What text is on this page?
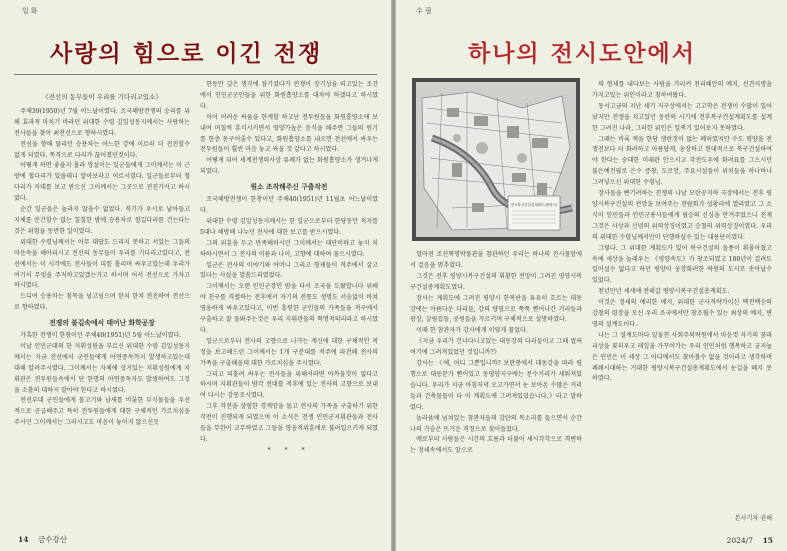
일화
사랑의 힘으로 이긴 전쟁

《전선의 동무들이 우리를 기다리고있소》

주체39(1950)년 7월 어느날이였다. 조국해방전쟁의 승리를 위해 효과적 마치기 바라던 위대한 수령 김일성동지께서는 사랑하는 전사들을 찾아 최전선으로 향하시였다.

전선을 향해 달리던 승용차는 어느한 강에 이르러 더 전진할수 없게 되였다. 폭격으로 다리가 끊어졌던것이다.

어떻게 하면 좋을지 몰라 망설이는 일군들에게 그이께서는 이 근방에 철다리가 있을테니 알아보라고 이르시였다. 일군들로부터 철다리가 지대를 보고 받으신 그이께서는 그곳으로 전진가자고 하시였다.

순간 일군들은 놀라지 않을수 없었다. 적기가 우시로 날아들고 지체를 분간할수 없는 칠칠한 밤에 승용차로 철길다리를 건는다는것은 위험을 동반한 일이였다.

위대한 수령님께서는 아무 대답도 드리지 못하고 서있는 그들의 마음속을 헤아리시고 전선의 동무들이 우리를 기다리고있다고, 전선에서는 이 시각에도 전사들이 피를 흘리며 싸우고있는데 우리가 여기서 무엇을 주저하고있겠는가고 하시며 어서 전선으로 가자고 하시였다.

드디여 승용차는 침목을 넘고넘으며 한치 한치 전진하여 전선으로 향하였다.

전쟁의 불길속에서 태어난 화학공장

가혹한 전쟁이 한창이던 주체40(1951)년 5월 어느날이였다.

이날 인민군대의 한 지휘성원을 부르신 위대한 수령 김일성동지께서는 지금 전선에서 군인들에게 아연중독까지 발생하고있는데 대해 알려주시였다. 그이께서는 자체에 상거있는 지휘성원에게 지휘관은 전투원들속에서 단 한명의 아연중독자도 발생하여도 그것을 소홀히 대하지 말아야 한다고 하시였다.

전선부대 군인들에게 물고기와 남새를 비롯한 부식물들을 우선적으로 공급해주고 특히 전투원들에게 대한 구체적인 가르치심을 주시던 그이께서는 그러시고도 마음이 놓이지 않으신듯

한동안 깊은 생각에 잠기셨다가 전쟁이 장기성을 띠고있는 조건에서 인민군군인들을 위한 화원흡양소를 대차야 하겠다고 하시였다.

이어 어려운 싸움을 한계할 하고난 전투원들을 화원흡양소에 보내여 며칠씩 휴식시키면서 영양가높은 음식을 해주면 그들의 원기를 한층 돋구어줄수 있다고, 화원흡양소를 내오면 전선에서 싸우는 전투원들이 훨씬 마음 놓고 싸울 것 같다고 하시였다.

어떻게 되어 세계전쟁력사상 류례가 없는 화원흡양소가 생겨나게 되였다.

원소 조작해주신 구출작전

조국해방전쟁이 한창이던 주체40(1951)년 11월초 어느날이였다.

위대한 수령 김일성동지께서는 한 일군으로부터 한당동안 적지를 5대나 해방해 나누던 전사에 대한 보고를 받으시였다.

그의 위훈을 두고 만족해하시던 그이께서는 대단히하고 놓지 치하하시면서 그 전사의 이름과 나이, 고향에 대하여 물으시였다.

일군은 전사의 이야기와 어머니 그리고 형제들이 적주에서 살고있다는 사실을 말씀드리였었다.

그이께서는 오랜 인민군장인 밤을 타서 조국을 도왔합니다 위해야 친구를 격렬하는 전후에서 자기의 전통도 생명도 서슴없이 바쳐 영웅하게 싸우고있다고, 이번 흥원한 군인들의 가족들을 적구에서 구출하고 잘 돌봐주는것은 우리 지휘관들의 혁명적의리라고 하시였다.

일군으로부터 전사의 고향으로 나가는 계신에 대한 구체적인 적정을 보고해드린 그이께서는 1개 구분대를 적주에 파견해 전사의 가족을 구출해올데 대한 가르치심을 주시였다.

그리고 피흘려 싸우는 전사들을 위해서라면 아까울것이 없다고 하시며 지휘관들이 밤각 전대를 적후에 있는 전사의 고향으로 보내여 다시는 감동조시였다.

그후 작전을 삼엄한 경계망을 돌고 전사의 가족을 구출하기 위한 작전이 진행되게 되였으며 이 소식은 전쟁 인민군지휘관들과 전사들을 무한이 교무하였고 그들을 영웅적위훈에로 불러일으키게 되였다.

* * *

14 금수강산
수필
하나의 전시도안에서
전시복구건설총계획도(평양시)

얼마전 조선혁명박물관을 참관하던 우리는 하나의 전시물앞에서 걸음을 멈추었다.

그것은 전후 평양시복구건설의 휘황한 전망이 그려진 평양시복구건설총계획도였다.

장사는 계획도에 그려진 평양시 한복판을 유유히 흐르는 대동강에는 아름다운 다리들, 강의 량옆으로 쭉쭉 뻗어나간 거리들과 광장, 살림집들, 공원들을 가르키며 구체적으로 설명하였다.

이때 한 참관자가 강사에게 이렇게 물었다.

《지금 우리가 건너다니고있는 대동강의 다리들이고 그때 벌써 여기에 그려져있었던 것입니까?》

강사는 《예, 어디 그뿐입니까? 보란봉에서 대동강을 따라 평행으로 대동문가 뻗어있고 동평양지구에는 문수거리가 세워져있습니다. 우리가 지금 아침저녁 오고가면서 눈 보아온 수많은 거리들과 건축물들이 다 이 계획도에 그려져있었습니다.》라고 말하였다.

놀라움에 넘쳐있는 참관자들의 감탄의 목소리를 들으면서 순간 나의 가슴은 뜨거운 격정으로 젖어들었다.

예로부터 사람들은 시간의 흐름과 더불어 새시각각으로 격변하는 정세속에서도 앞으로

의 형세를 내다보는 사람을 가리켜 천리혜안의 예지, 선견지명을 가지고있는 위인이라고 칭하여왔다.

동서고금의 지난 세기 지구상에서는 고고학은 전쟁이 수많이 일어났지만 전쟁을 치고있던 동란의 시기에 전후복구건설계획도를 설계한 그려진 나라, 그러한 위인은 일찌기 있어보지 못하였다.

그때는 비록 잭을 한당 생판것이 없는 폐허였지만 수도 평양을 전쟁전보다 더 화려하고 아름답게, 웅장하고 현대적으로 복구건설하여야 한다는 숭대한 미래관 안으시고 각전도우에 화려표를 그으시던 불은예견필로 은수 증창, 도로망, 주요시설들이 위치들을 하나하나 그려넣으신 위대한 수령님.

장사들을 빤기려하는 전쟁의 나날 모란공지하 극장에서는 전후 평양시복구건설의 전망을 보여주는 전람회가 성황리에 열리였고 그 소식이 인민들과 인민군용사들에게 필승의 신심을 안겨주었으니 전재 그것은 사상과 신념의 위력상징이였고 승철의 위력상징이였다. 우리의 위대한 수령님께서만이 단행하실수 있는 대용단이였다.

그렇다. 그 위대한 계획도가 있어 복구건설의 돌풍이 휘몰아쳤고 속에 세상을 놀래우는 《평양속도》가 창조되였고 100년이 걸려도 일어설수 없다고 하던 평양이 웅장화려한 락원의 도시로 솟아날수 있었다.

천년만년 세세에 전해갈 평양시복구건설총계획도.

이것은 정세의 예리한 예지, 위대한 군사적략가이신 백전백승의 강철의 령장을 모신 우리 조국에서만 창조될수 있는 최상의 예지, 변영의 설계도이다.

나는 그 설계도마다 밑둘천 사회주의락원에서 마음껏 자기의 꿈과 리상을 꽃피우고 래일을 가꾸어가는 우리 인민처럼 행복하고 궁지높은 인민은 이 세상 그 어디에서도 찾아볼수 없을 것이라고 생각하며 폐쇄시대하는 거대한 평양시복구건설총계획도에서 눈길을 떼지 못하였다.

본사기자 권해

2024/7 15
